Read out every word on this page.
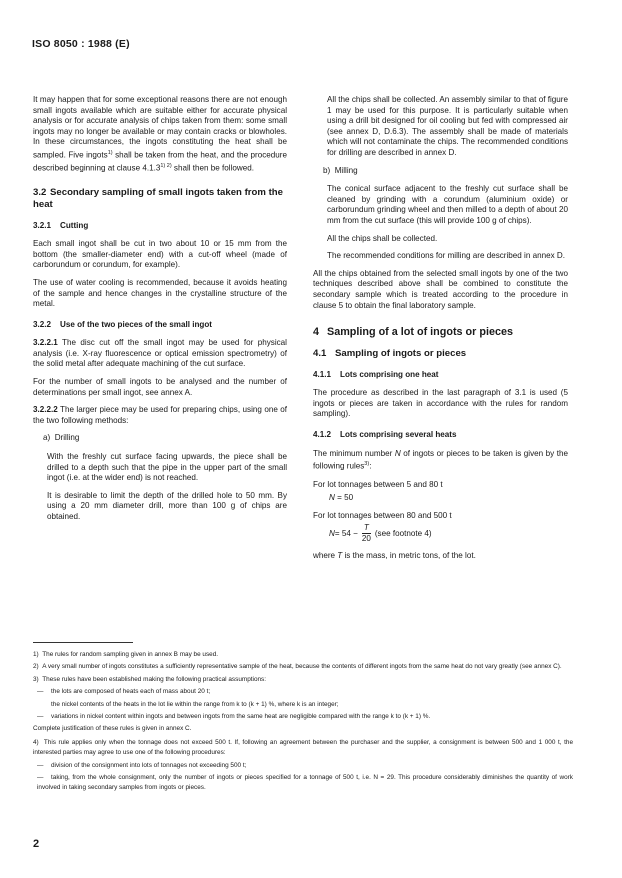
ISO 8050 : 1988 (E)

It may happen that for some exceptional reasons there are not enough small ingots available which are suitable either for accurate physical analysis or for accurate analysis of chips taken from them: some small ingots may no longer be available or may contain cracks or blowholes. In these circumstances, the ingots constituting the heat shall be sampled. Five ingots$^{1)}$ shall be taken from the heat, and the procedure described beginning at clause $4.1.3^{1) 2)}$ shall then be followed.

3.2 Secondary sampling of small ingots taken from the heat
3.2.1 Cutting

Each small ingot shall be cut in two about 10 or 15 mm from the bottom (the smaller-diameter end) with a cut-off wheel (made of carborundum or corundum, for example).

The use of water cooling is recommended, because it avoids heating of the sample and hence changes in the crystalline structure of the metal.

3.2.2 Use of the two pieces of the small ingot

3.2.2.1 The disc cut off the small ingot may be used for physical analysis (i.e. X-ray fluorescence or optical emission spectrometry) of the solid metal after adequate machining of the cut surface.

For the number of small ingots to be analysed and the number of determinations per small ingot, see annex A.

3.2.2.2 The larger piece may be used for preparing chips, using one of the two following methods:

a)  Drilling

With the freshly cut surface facing upwards, the piece shall be drilled to a depth such that the pipe in the upper part of the small ingot (i.e. at the wider end) is not reached.

It is desirable to limit the depth of the drilled hole to 50 mm. By using a 20 mm diameter drill, more than 100 g of chips are obtained.

All the chips shall be collected. An assembly similar to that of figure 1 may be used for this purpose. It is particularly suitable when using a drill bit designed for oil cooling but fed with compressed air (see annex D, D.6.3). The assembly shall be made of materials which will not contaminate the chips. The recommended conditions for drilling are described in annex D.

b)  Milling

The conical surface adjacent to the freshly cut surface shall be cleaned by grinding with a corundum (aluminium oxide) or carborundum grinding wheel and then milled to a depth of about 20 mm from the cut surface (this will provide 100 g of chips).

All the chips shall be collected.

The recommended conditions for milling are described in annex D.

All the chips obtained from the selected small ingots by one of the two techniques described above shall be combined to constitute the secondary sample which is treated according to the procedure in clause 5 to obtain the final laboratory sample.

4 Sampling of a lot of ingots or pieces
4.1 Sampling of ingots or pieces
4.1.1 Lots comprising one heat

The procedure as described in the last paragraph of 3.1 is used (5 ingots or pieces are taken in accordance with the rules for random sampling).

4.1.2 Lots comprising several heats

The minimum number N of ingots or pieces to be taken is given by the following rules$^{3)}$:

For lot tonnages between 5 and 80 t

N = 50

For lot tonnages between 80 and 500 t

$N = 54 - \frac{T}{20} (see$ footnote 4)

where T is the mass, in metric tons, of the lot.

1)  The rules for random sampling given in annex B may be used.

2)  A very small number of ingots constitutes a sufficiently representative sample of the heat, because the contents of different ingots from the same heat do not vary greatly (see annex C).

3)  These rules have been established making the following practical assumptions:

— the lots are composed of heats each of mass about 20 t;

the nickel contents of the heats in the lot lie within the range from k to (k + 1) %, where k is an integer;

— variations in nickel content within ingots and between ingots from the same heat are negligible compared with the range k to (k + 1) %.

Complete justification of these rules is given in annex C.

4)  This rule applies only when the tonnage does not exceed 500 t. If, following an agreement between the purchaser and the supplier, a consignment is between 500 and 1 000 t, the interested parties may agree to use one of the following procedures:

— division of the consignment into lots of tonnages not exceeding 500 t;

— taking, from the whole consignment, only the number of ingots or pieces specified for a tonnage of 500 t, i.e. N = 29. This procedure considerably diminishes the quantity of work involved in taking secondary samples from ingots or pieces.

2
